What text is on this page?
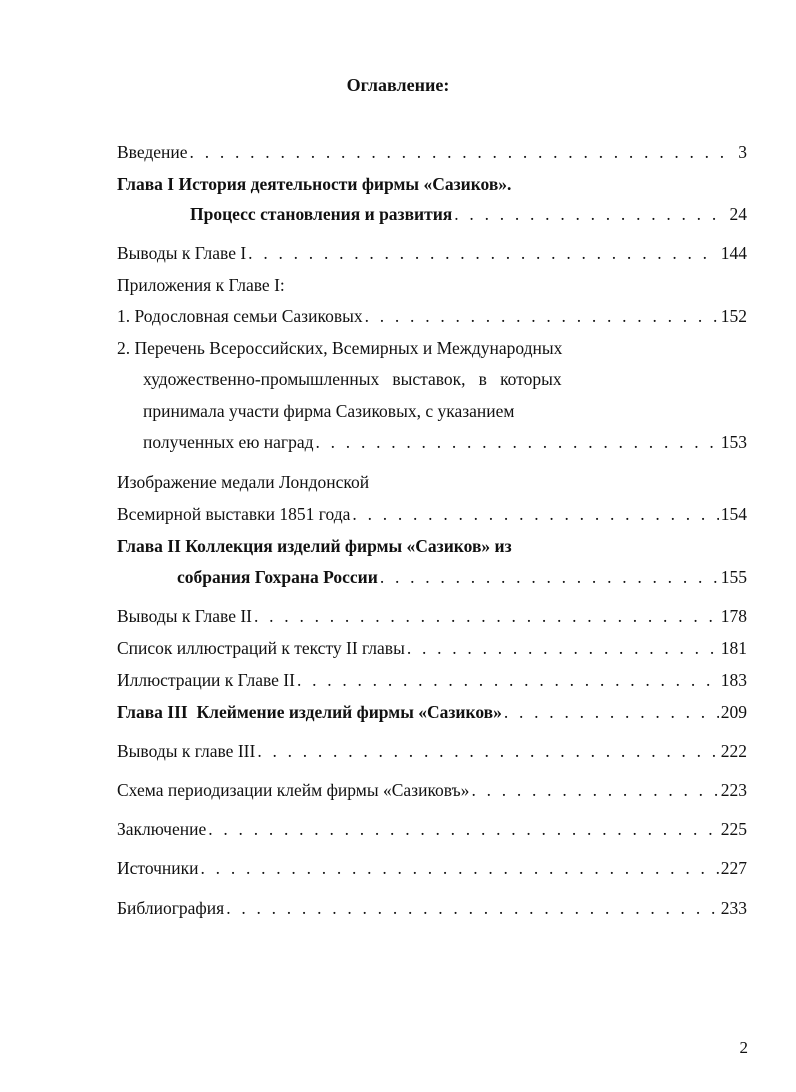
Оглавление:
Введение . . .	3
Глава I История деятельности фирмы «Сазиков».
Процесс становления и развития . . .	24
Выводы к Главе I . . .	144
Приложения к Главе I:
1. Родословная семьи Сазиковых . . .	152
2. Перечень Всероссийских, Всемирных и Международных
художественно-промышленных   выставок,   в   которых
принимала участи фирма Сазиковых, с указанием
полученных ею наград . . .	153
Изображение медали Лондонской
Всемирной выставки 1851 года . . .	154
Глава II Коллекция изделий фирмы «Сазиков» из
собрания Гохрана России . . .	155
Выводы к Главе II . . .	178
Список иллюстраций к тексту II главы . . .	181
Иллюстрации к Главе II . . .	183
Глава III  Клеймение изделий фирмы «Сазиков» . . .	209
Выводы к главе III . . .	222
Схема периодизации клейм фирмы «Сазиковъ» . . .	223
Заключение . . .	225
Источники . . .	227
Библиография . . .	233
2
